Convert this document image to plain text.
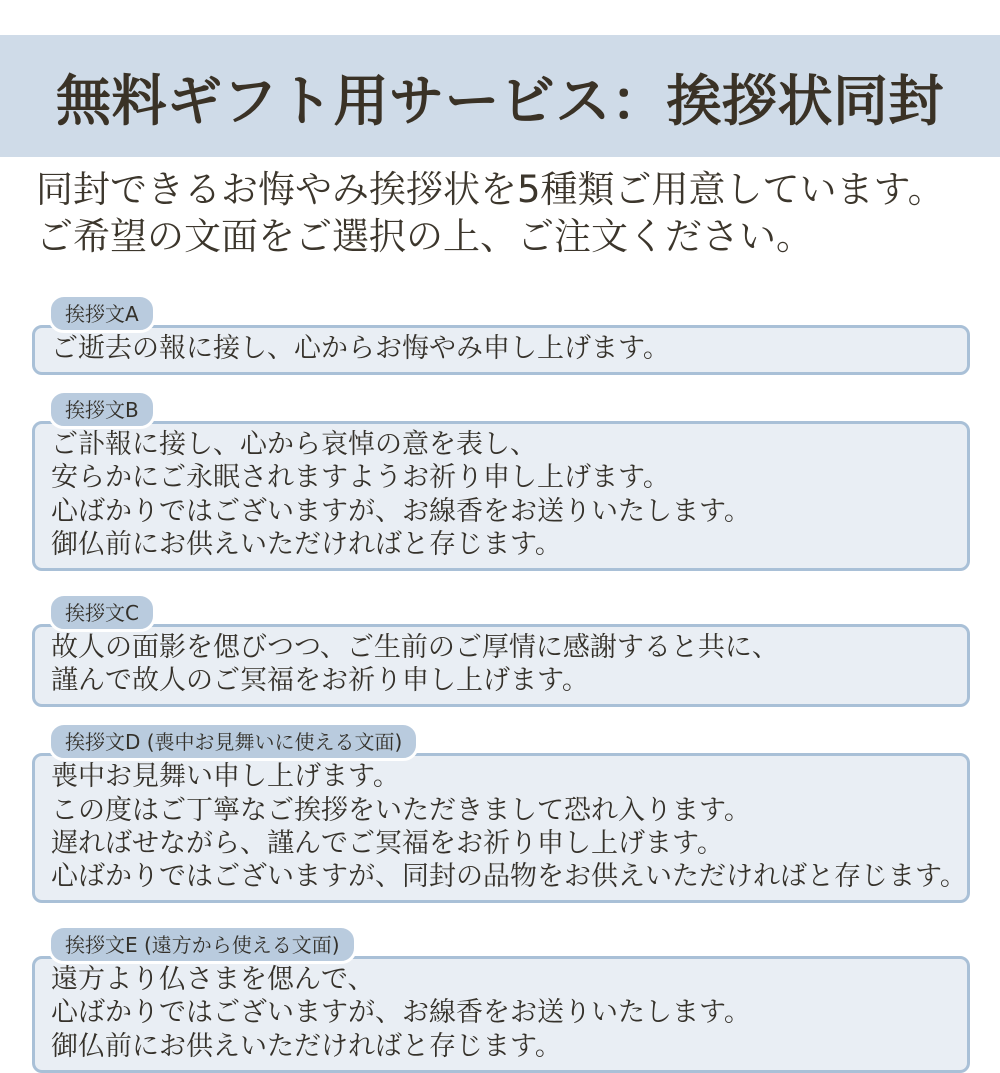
無料ギフト用サービス：挨拶状同封
同封できるお悔やみ挨拶状を5種類ご用意しています。
ご希望の文面をご選択の上、ご注文ください。
挨拶文A
ご逝去の報に接し、心からお悔やみ申し上げます。
挨拶文B
ご訃報に接し、心から哀悼の意を表し、
安らかにご永眠されますようお祈り申し上げます。
心ばかりではございますが、お線香をお送りいたします。
御仏前にお供えいただければと存じます。
挨拶文C
故人の面影を偲びつつ、ご生前のご厚情に感謝すると共に、
謹んで故人のご冥福をお祈り申し上げます。
挨拶文D (喪中お見舞いに使える文面)
喪中お見舞い申し上げます。
この度はご丁寧なご挨拶をいただきまして恐れ入ります。
遅ればせながら、謹んでご冥福をお祈り申し上げます。
心ばかりではございますが、同封の品物をお供えいただければと存じます。
挨拶文E (遠方から使える文面)
遠方より仏さまを偲んで、
心ばかりではございますが、お線香をお送りいたします。
御仏前にお供えいただければと存じます。
